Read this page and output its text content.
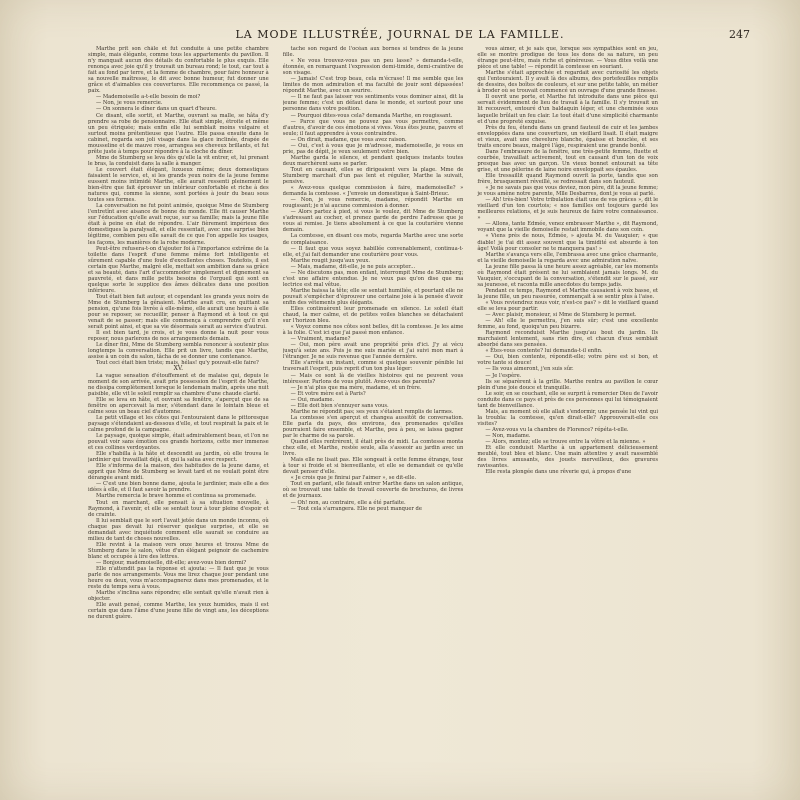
LA MODE ILLUSTRÉE, JOURNAL DE LA FAMILLE.	247

Marthe prit son châle et fut conduite à une petite chambre simple, mais élégante, comme tous les appartements du pavillon. Il n'y manquait aucun des détails du confortable le plus exquis. Elle renonça avec joie qu'il y trouvait un bureau rond; le tout, car tout à fait au fond par terre, et la femme de chambre, pour faire honneur à sa nouvelle maîtresse, le dit avec bonne humeur, fut donner une grâce et d'aimables ces couvertures. Elle recommença ce passé, la paix.

— Mademoiselle a-t-elle besoin de moi?

— Non, je vous remercie.

— On sonnera le dîner dans un quart d'heure.

Ce disant, elle sortit, et Marthe, ouvrant sa malle, se hâta d'y prendre sa robe de pensionnaire. Elle était simple, étroite et même un peu étriquée; mais enfin elle lui semblait moins vulgaire et surtout moins prétentieuse que l'autre. Elle passa ensuite dans le cabinet, regarda son joli visage dans la glace inclinée, drapée de mousseline et de mauve rose, arrangea ses cheveux brillants, et fut prête juste à temps pour répondre à la cloche du dîner.

Mme de Stumberg se leva dès qu'elle la vit entrer, et, lui prenant le bras, la conduisit dans la salle à manger.

Le couvert était élégant, luxueux même; deux domestiques faisaient le service, et, si les grands yeux noirs de la jeune femme eussent moins intimidé Marthe, elle aurait ressenti pleinement le bien-être que fait éprouver un intérieur confortable et riche à des natures qui, comme la sienne, sont portées à jouir du beau sous toutes ses formes.

La conversation ne fut point animée, quoique Mme de Stumberg l'entretînt avec aisance de bonne du monde. Elle fit causer Marthe sur l'éducation qu'elle avait reçue, sur sa famille; mais la jeune fille était à peine en état de répondre. L'air fièrement impérieux des domestiques la paralysait, et elle ressentait, avec une surprise bien légitime, combien peu elle savait de ce que l'on appelle les usages, les façons, les manières de la robe moderne.

Peut-être refusera-t-on d'ajouter foi à l'importance extrême de la toilette dans l'esprit d'une femme même fort intelligente et sûrement capable d'une foule d'excellentes choses. Toutefois, il est certain que Marthe, malgré elle, mettait son ambition dans sa grâce et sa beauté, dans l'art d'accommoder simplement et dignement sa pauvreté, et dans mille petits besoins de l'orgueil qui sont en quelque sorte le supplice des âmes délicates dans une position inférieure.

Tout était bien fait autour, et cependant les grands yeux noirs de Mme de Stumberg la gênaient. Marthe avait cru, en quittant sa pension, qu'une fois livrée à elle-même, elle aurait une heure à elle pour se reposer, se recueillir, penser à Raymond et à tout ce qui venait de se passer; mais elle commença à comprendre qu'il n'en serait point ainsi, et que sa vie désormais serait au service d'autrui.

Il est bien tard, je crois, et je vous donne la nuit pour vous reposer, nous parlerons de nos arrangements demain.

Le dîner fini, Mme de Stumberg sembla renoncer à soutenir plus longtemps la conversation. Elle prit un livre, tandis que Marthe, assise à un coin du salon, tâcha de se donner une contenance.

Tout ceci était bien triste; mais, hélas! qu'y pouvait-elle faire?

XV.

La vague sensation d'étouffement et de malaise qui, depuis le moment de son arrivée, avait pris possession de l'esprit de Marthe, ne dissipa complètement lorsque le lendemain matin, après une nuit paisible, elle vit le soleil remplir sa chambre d'une chaude clarté.

Elle se leva en hâte, et ouvrant sa fenêtre, s'aperçut que de sa fenêtre on apercevait la mer, s'étendant dans le lointain bleue et calme sous un beau ciel d'automne.

Le petit village et les côtes qui l'entouraient dans le pittoresque paysage s'étendaient au-dessous d'elle, et tout respirait la paix et le calme profond de la campagne.

Le paysage, quoique simple, était admirablement beau, et l'on ne pouvait voir sans émotion ces grands horizons, cette mer immense et ces collines verdoyantes.

Elle s'habilla à la hâte et descendit au jardin, où elle trouva le jardinier qui travaillait déjà, et qui la salua avec respect.

Elle s'informa de la maison, des habitudes de la jeune dame, et apprit que Mme de Stumberg se levait tard et ne voulait point être dérangée avant midi.

— C'est une bien bonne dame, ajouta le jardinier, mais elle a des idées à elle, et il faut savoir la prendre.

Marthe remercia le brave homme et continua sa promenade.

Tout en marchant, elle pensait à sa situation nouvelle, à Raymond, à l'avenir, et elle se sentait tour à tour pleine d'espoir et de crainte.

Il lui semblait que le sort l'avait jetée dans un monde inconnu, où chaque pas devait lui réserver quelque surprise, et elle se demandait avec inquiétude comment elle saurait se conduire au milieu de tant de choses nouvelles.

Elle revint à la maison vers onze heures et trouva Mme de Stumberg dans le salon, vêtue d'un élégant peignoir de cachemire blanc et occupée à lire des lettres.

— Bonjour, mademoiselle, dit-elle; avez-vous bien dormi?

Elle n'attendit pas la réponse et ajouta: — Il faut que je vous parle de nos arrangements. Vous me lirez chaque jour pendant une heure ou deux, vous m'accompagnerez dans mes promenades, et le reste du temps sera à vous.

Marthe s'inclina sans répondre; elle sentait qu'elle n'avait rien à objecter.

Elle avait pensé, comme Marthe, les yeux humides, mais il est certain que dans l'âme d'une jeune fille de vingt ans, les déceptions ne durent guère.

tache son regard de l'océan aux bornes si tendres de la jeune fille.

« Ne vous trouvez-vous pas un peu lasse? » demanda-t-elle, étonnée, en remarquant l'expression demi-timide, demi-craintive de son visage.

— Jamais! C'est trop beau, cela m'écrase! Il me semble que les limites de mon admiration et ma faculté de jouir sont dépassées! répondit Marthe, avec un sourire.

— Il ne faut pas laisser vos sentiments vous dominer ainsi, dit la jeune femme; c'est un défaut dans le monde, et surtout pour une personne dans votre position.

— Pourquoi dites-vous cela? demanda Marthe, en rougissant.

— Parce que vous ne pouvez pas vous permettre, comme d'autres, d'avoir de ces émotions si vives. Vous êtes jeune, pauvre et seule; il faut apprendre à vous contraindre.

— On dirait, madame, que vous avez raison.

— Oui, c'est à vous que je m'adresse, mademoiselle, je vous en prie, pas de dépit, je veux seulement votre bien.

Marthe garda le silence, et pendant quelques instants toutes deux marchèrent sans se parler.

Tout en causant, elles se dirigeaient vers la plage. Mme de Stumberg marchait d'un pas lent et régulier, Marthe la suivait, pensive.

« Avez-vous quelque commission à faire, mademoiselle? » demanda la comtesse. « J'envoie un domestique à Saint-Brieuc.

— Non, je vous remercie, madame, répondit Marthe en rougissant; je n'ai aucune commission à donner.

— Alors partez à pied, si vous le voulez, dit Mme de Stumberg s'adressant au cocher, et prenez garde de perdre l'adresse que je vous ai remise. Je tiens absolument à ce que la couturière vienne demain.

La comtesse, en disant ces mots, regarda Marthe avec une sorte de complaisance.

— Il faut que vous soyez habillée convenablement, continua-t-elle, et j'ai fait demander une couturière pour vous.

Marthe rougit jusqu'aux yeux.

— Mais, madame, dit-elle, je ne puis accepter...

— Ne discutons pas, mon enfant, interrompit Mme de Stumberg; c'est une affaire entendue. Je ne veux pas qu'on dise que ma lectrice est mal vêtue.

Marthe baissa la tête; elle se sentait humiliée, et pourtant elle ne pouvait s'empêcher d'éprouver une certaine joie à la pensée d'avoir enfin des vêtements plus élégants.

Elles continuèrent leur promenade en silence. Le soleil était chaud, la mer calme, et de petites voiles blanches se détachaient sur l'horizon bleu.

« Voyez comme nos côtes sont belles, dit la comtesse. Je les aime à la folie. C'est ici que j'ai passé mon enfance.

— Vraiment, madame?

— Oui, mon père avait une propriété près d'ici. J'y ai vécu jusqu'à seize ans. Puis je me suis mariée et j'ai suivi mon mari à l'étranger. Je ne suis revenue que l'année dernière.

Elle s'arrêta un instant, comme si quelque souvenir pénible lui traversait l'esprit, puis reprit d'un ton plus léger:

— Mais ce sont là de vieilles histoires qui ne peuvent vous intéresser. Parlons de vous plutôt. Avez-vous des parents?

— Je n'ai plus que ma mère, madame, et un frère.

— Et votre mère est à Paris?

— Oui, madame.

— Elle doit bien s'ennuyer sans vous.

Marthe ne répondit pas; ses yeux s'étaient remplis de larmes.

La comtesse s'en aperçut et changea aussitôt de conversation. Elle parla du pays, des environs, des promenades qu'elles pourraient faire ensemble, et Marthe, peu à peu, se laissa gagner par le charme de sa parole.

Quand elles rentrèrent, il était près de midi. La comtesse monta chez elle, et Marthe, restée seule, alla s'asseoir au jardin avec un livre.

Mais elle ne lisait pas. Elle songeait à cette femme étrange, tour à tour si froide et si bienveillante, et elle se demandait ce qu'elle devait penser d'elle.

« Je crois que je finirai par l'aimer », se dit-elle.

Tout en parlant, elle faisait entrer Marthe dans un salon antique, où se trouvait une table de travail couverte de brochures, de livres et de journaux.

— Oh! non, au contraire, elle a été parfaite.

— Tout cela s'arrangera. Elle ne peut manquer de

vous aimer, et je sais que, lorsque ses sympathies sont en jeu, elle se montre prodigue de tous les dons de sa nature, un peu étrange peut-être, mais riche et généreuse. — Vous dites voilà une pièce et une table! — répondit la comtesse en souriant.

Marthe s'était approchée et regardait avec curiosité les objets qui l'entouraient. Il y avait là des albums, des portefeuilles remplis de dessins, des boîtes de couleurs, et sur une petite table, un métier à broder où se trouvait commencé un ouvrage d'une grande finesse.

Il ouvrit une porte, et Marthe fut introduite dans une pièce qui servait évidemment de lieu de travail à la famille. Il s'y trouvait un lit recouvert, entouré d'un baldaquin léger, et une cheminée sous laquelle brûlait un feu clair. Le tout était d'une simplicité charmante et d'une propreté exquise.

Près du feu, étendu dans un grand fauteuil de cuir et les jambes enveloppées dans une couverture, un vieillard lisait. Il était maigre et vieux, avait une chevelure blanche, épaisse et bouclée, et ses traits encore beaux, malgré l'âge, respiraient une grande bonté.

Dans l'embrasure de la fenêtre, une très-petite femme, fluette et courbée, travaillait activement, tout en causant d'un ton de voix presque bas avec un garçon. Un vieux bonnet entourait sa tête grise, et une pèlerine de laine noire enveloppait ses épaules.

Elle tressaillit quand Raymond ouvrit la porte, tandis que son frère, brusquement réveillé, se redressait dans son fauteuil.

« Je ne savais pas que vous deviez, mon père, dit la jeune femme; je vous amène notre parente, Mlle Desbarres, dont je vous ai parlé.

— Ah! très-bien! Votre tribulation était une de vos grâces », dit le vieillard d'un ton courtois; « nos familles ont toujours gardé les meilleures relations, et je suis heureux de faire votre connaissance. »

— Allons, tante Edmée, venez embrasser Marthe », dit Raymond, voyant que la vieille demoiselle restait immobile dans son coin.

« Viens près de nous, Edmée, » ajouta M. du Vauquier; « que diable! je t'ai dit assez souvent que la timidité est absurde à ton âge! Voilà pour consoler ne te manquera pas! »

Marthe s'avança vers elle, l'embrassa avec une grâce charmante, et la vieille demoiselle la regarda avec une admiration naïve.

La jeune fille passa là une heure assez agréable, car les moments où Raymond était présent ne lui semblaient jamais longs. M. du Vauquier, s'occupant de la conversation, s'étendit sur le passé, sur sa jeunesse, et raconta mille anecdotes du temps jadis.

Pendant ce temps, Raymond et Marthe causaient à voix basse, et la jeune fille, un peu rassurée, commençait à se sentir plus à l'aise.

« Vous reviendrez nous voir, n'est-ce pas? » dit le vieillard quand elle se leva pour partir.

— Avec plaisir, monsieur, si Mme de Stumberg le permet.

— Ah! elle le permettra, j'en suis sûr; c'est une excellente femme, au fond, quoiqu'un peu bizarre.

Raymond reconduisit Marthe jusqu'au bout du jardin. Ils marchaient lentement, sans rien dire, et chacun d'eux semblait absorbé dans ses pensées.

« Êtes-vous contente? lui demanda-t-il enfin.

— Oui, bien contente, répondit-elle; votre père est si bon, et votre tante si douce!

— Ils vous aimeront, j'en suis sûr.

— Je l'espère.

Ils se séparèrent à la grille. Marthe rentra au pavillon le cœur plein d'une joie douce et tranquille.

Le soir, en se couchant, elle se surprit à remercier Dieu de l'avoir conduite dans ce pays et près de ces personnes qui lui témoignaient tant de bienveillance.

Mais, au moment où elle allait s'endormir, une pensée lui vint qui la troubla: la comtesse, qu'en dirait-elle? Approuverait-elle ces visites?

— Avez-vous vu la chambre de Florence? répéta-t-elle.

— Non, madame.

— Alors, montez; elle se trouve entre la vôtre et la mienne. »

Et elle conduisit Marthe à un appartement délicieusement meublé, tout bleu et blanc. Une main attentive y avait rassemblé des livres amusants, des jouets merveilleux, des gravures ravissantes.

Elle resta plongée dans une rêverie qui, à propos d'une
